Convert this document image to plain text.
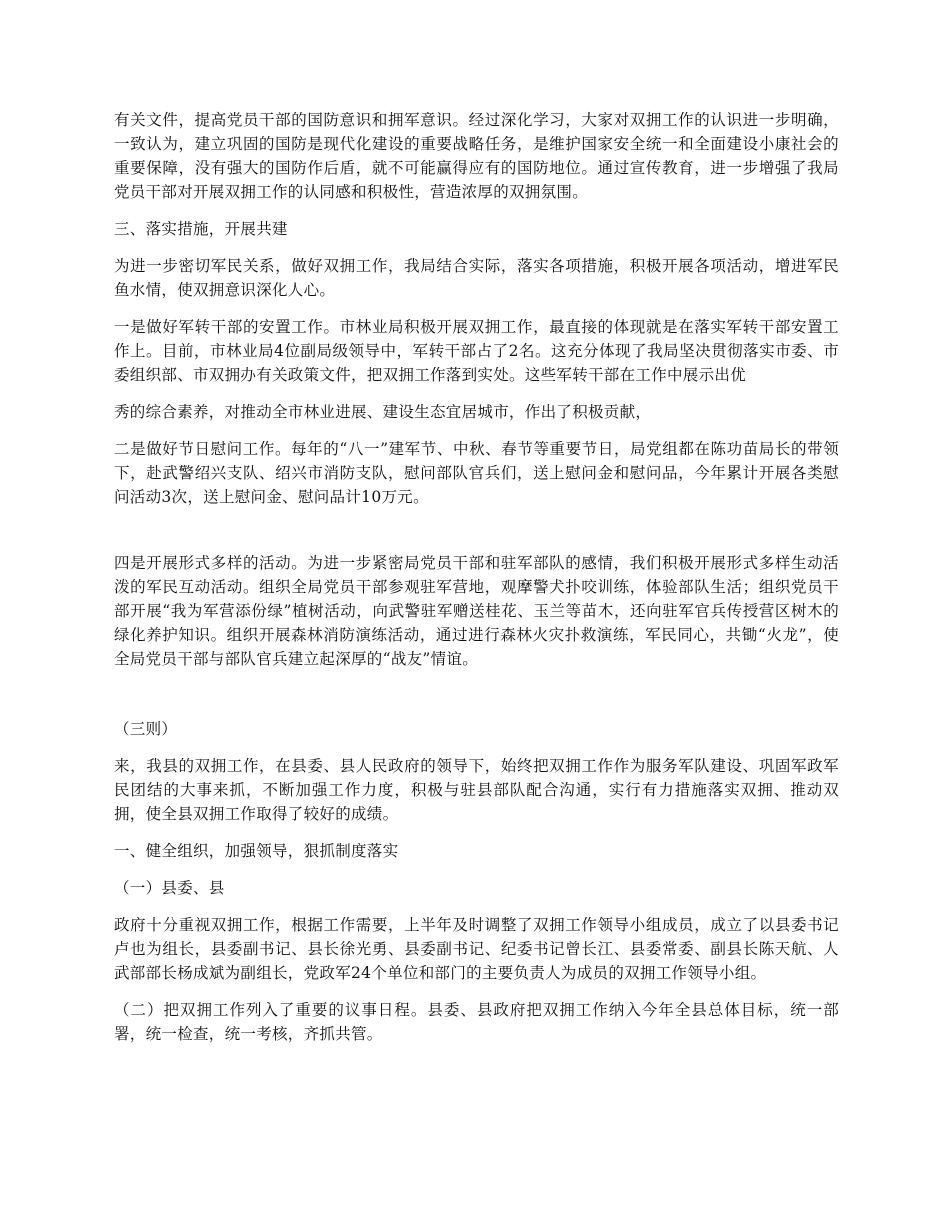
有关文件，提高党员干部的国防意识和拥军意识。经过深化学习，大家对双拥工作的认识进一步明确，一致认为，建立巩固的国防是现代化建设的重要战略任务，是维护国家安全统一和全面建设小康社会的重要保障，没有强大的国防作后盾，就不可能赢得应有的国防地位。通过宣传教育，进一步增强了我局党员干部对开展双拥工作的认同感和积极性，营造浓厚的双拥氛围。

三、落实措施，开展共建

为进一步密切军民关系，做好双拥工作，我局结合实际，落实各项措施，积极开展各项活动，增进军民鱼水情，使双拥意识深化人心。

一是做好军转干部的安置工作。市林业局积极开展双拥工作，最直接的体现就是在落实军转干部安置工作上。目前，市林业局4位副局级领导中，军转干部占了2名。这充分体现了我局坚决贯彻落实市委、市委组织部、市双拥办有关政策文件，把双拥工作落到实处。这些军转干部在工作中展示出优

秀的综合素养，对推动全市林业进展、建设生态宜居城市，作出了积极贡献，

二是做好节日慰问工作。每年的“八一”建军节、中秋、春节等重要节日，局党组都在陈功苗局长的带领下，赴武警绍兴支队、绍兴市消防支队，慰问部队官兵们，送上慰问金和慰问品，今年累计开展各类慰问活动3次，送上慰问金、慰问品计10万元。

四是开展形式多样的活动。为进一步紧密局党员干部和驻军部队的感情，我们积极开展形式多样生动活泼的军民互动活动。组织全局党员干部参观驻军营地，观摩警犬扑咬训练，体验部队生活；组织党员干部开展“我为军营添份绿”植树活动，向武警驻军赠送桂花、玉兰等苗木，还向驻军官兵传授营区树木的绿化养护知识。组织开展森林消防演练活动，通过进行森林火灾扑救演练，军民同心，共锄“火龙”，使全局党员干部与部队官兵建立起深厚的“战友”情谊。

（三则）

来，我县的双拥工作，在县委、县人民政府的领导下，始终把双拥工作作为服务军队建设、巩固军政军民团结的大事来抓，不断加强工作力度，积极与驻县部队配合沟通，实行有力措施落实双拥、推动双拥，使全县双拥工作取得了较好的成绩。

一、健全组织，加强领导，狠抓制度落实

（一）县委、县

政府十分重视双拥工作，根据工作需要，上半年及时调整了双拥工作领导小组成员，成立了以县委书记卢也为组长，县委副书记、县长徐光勇、县委副书记、纪委书记曾长江、县委常委、副县长陈天航、人武部部长杨成斌为副组长，党政军24个单位和部门的主要负责人为成员的双拥工作领导小组。

（二）把双拥工作列入了重要的议事日程。县委、县政府把双拥工作纳入今年全县总体目标，统一部署，统一检查，统一考核，齐抓共管。
